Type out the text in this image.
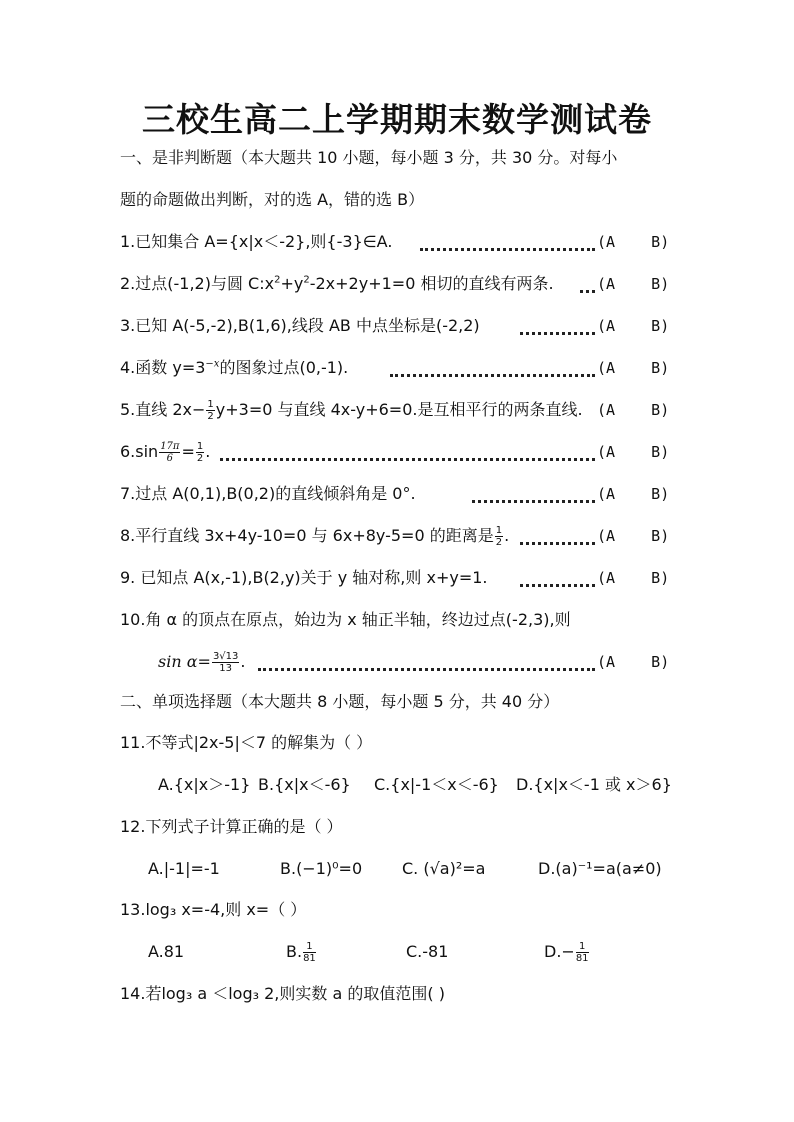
三校生高二上学期期末数学测试卷
一、是非判断题（本大题共 10 小题，每小题 3 分，共 30 分。对每小
题的命题做出判断，对的选 A，错的选 B）
1.已知集合 A={x|x＜-2},则{-3}∈A.	(A    B)
2.过点(-1,2)与圆 $C:x^2+y^2-2x+2y+1=0$ 相切的直线有两条.	(A    B)
3.已知 A(-5,-2),B(1,6),线段 AB 中点坐标是(-2,2)	(A    B)
4.函数 $y=3^{-x}$的图象过点(0,-1).	(A    B)
5.直线 $2x- \frac{1}{2} y+3=0$ 与直线 4x-y+6=0.是互相平行的两条直线. (A    B)
$6.\sin \frac{17\pi}{6} = \frac{1}{2}$ .	(A    B)
7.过点 A(0,1),B(0,2)的直线倾斜角是 0°.	(A    B)
8.平行直线 3x+4y-10=0 与 6x+8y-5=0 的距离是 $\frac{1}{2}$ .	(A    B)
9. 已知点 A(x,-1),B(2,y)关于 y 轴对称,则 x+y=1.	(A    B)
10.角 α 的顶点在原点，始边为 x 轴正半轴，终边过点(-2,3),则
$\sin \alpha= \frac{3√13}{13}$ .	(A    B)
二、单项选择题（本大题共 8 小题，每小题 5 分，共 40 分）
11.不等式|2x-5|＜7 的解集为（ ）
A.{x|x＞-1} B.{x|x＜-6} C.{x|-1＜x＜-6} D.{x|x＜-1 或 x＞6}
12.下列式子计算正确的是（ ）
A.|-1|=-1	B.(−1)⁰=0 C. (√a)²=a	D.(a)⁻¹=a(a≠0)
13.log₃ x=-4,则 x=（ ）
A.81	B. $\frac{1}{81}$	C.-81	$D.- \frac{1}{81}$
14.若log₃ a ＜log₃ 2,则实数 a 的取值范围( )
